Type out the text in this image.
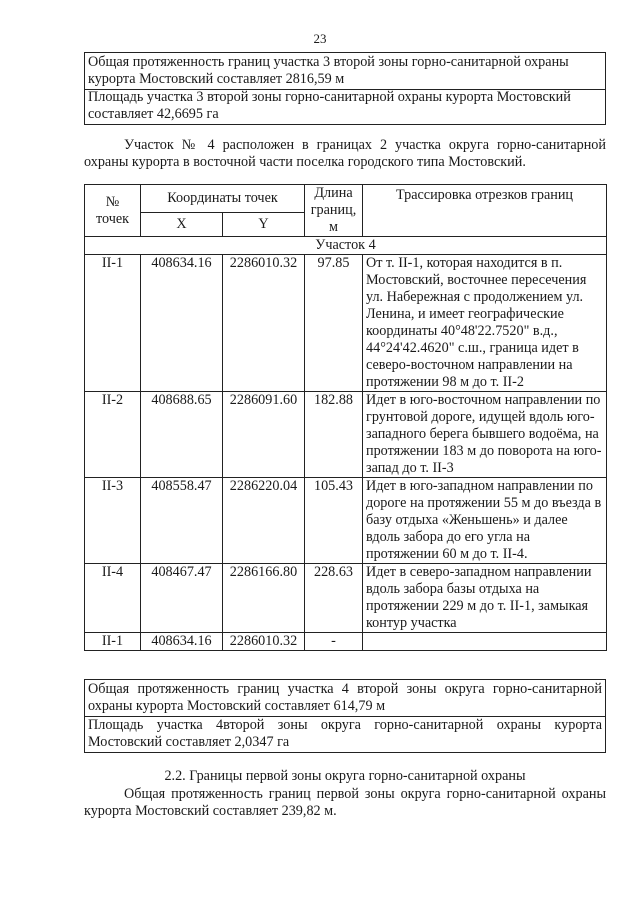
23
Общая протяженность границ участка 3 второй зоны горно-санитарной охраны курорта Мостовский составляет 2816,59 м
Площадь участка 3 второй зоны горно-санитарной охраны курорта Мостовский составляет 42,6695 га
Участок № 4 расположен в границах 2 участка округа горно-санитарной охраны курорта в восточной части поселка городского типа Мостовский.
№ точек	Координаты точек		Длина границ, м	Трассировка отрезков границ
	X	Y		
Участок 4				
II-1	408634.16	2286010.32	97.85	От т. II-1, которая находится в п. Мостовский, восточнее пересечения ул. Набережная с продолжением ул. Ленина, и имеет географические координаты 40°48'22.7520" в.д., 44°24'42.4620" с.ш., граница идет в северо-восточном направлении на протяжении 98 м до т. II-2
II-2	408688.65	2286091.60	182.88	Идет в юго-восточном направлении по грунтовой дороге, идущей вдоль юго-западного берега бывшего водоёма, на протяжении 183 м до поворота на юго-запад до т. II-3
II-3	408558.47	2286220.04	105.43	Идет в юго-западном направлении по дороге на протяжении 55 м до въезда в базу отдыха «Женьшень» и далее вдоль забора до его угла на протяжении 60 м до т. II-4.
II-4	408467.47	2286166.80	228.63	Идет в северо-западном направлении вдоль забора базы отдыха на протяжении 229 м до т. II-1, замыкая контур участка
II-1	408634.16	2286010.32	-	
Общая протяженность границ участка 4 второй зоны округа горно-санитарной охраны курорта Мостовский составляет 614,79 м
Площадь участка 4второй зоны округа горно-санитарной охраны курорта Мостовский составляет 2,0347 га
2.2. Границы первой зоны округа горно-санитарной охраны
Общая протяженность границ первой зоны округа горно-санитарной охраны курорта Мостовский составляет 239,82 м.
